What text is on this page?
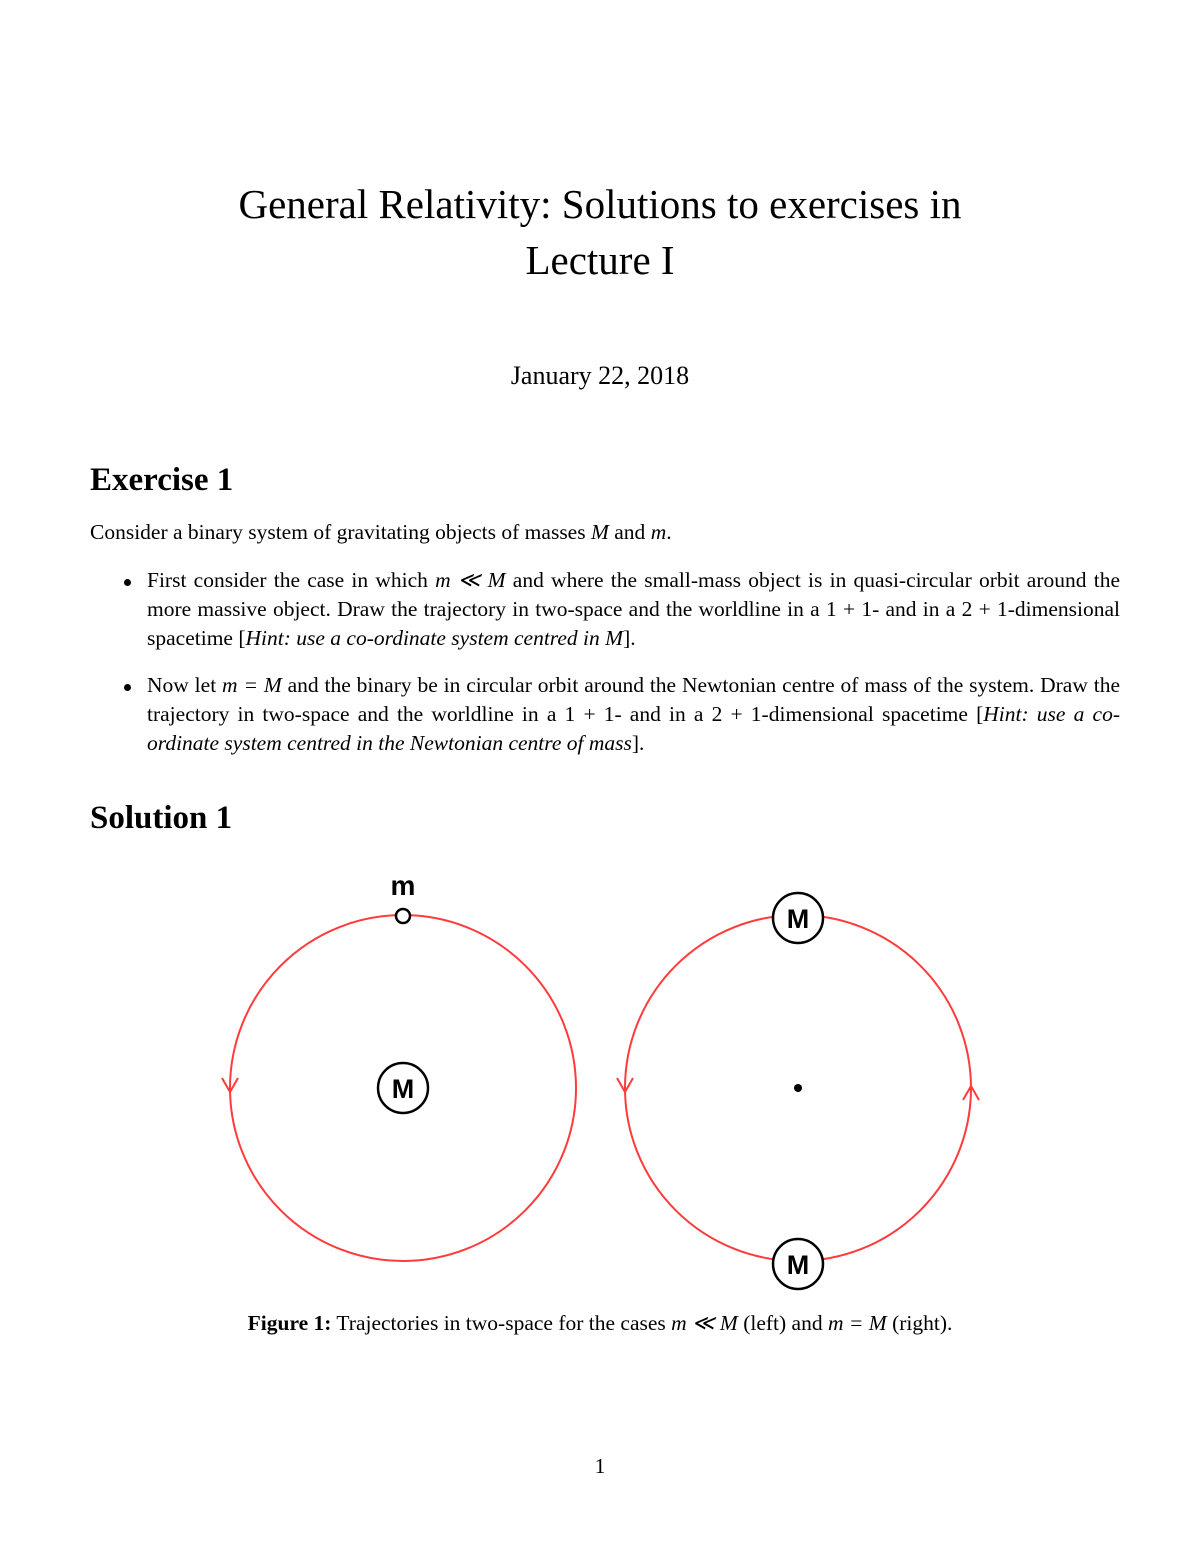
General Relativity: Solutions to exercises in
Lecture I
January 22, 2018
Exercise 1

Consider a binary system of gravitating objects of masses M and m.

First consider the case in which m ≪ M and where the small-mass object is in quasi-circular orbit around the more massive object. Draw the trajectory in two-space and the worldline in a 1 + 1- and in a 2 + 1-dimensional spacetime [Hint: use a co-ordinate system centred in M].
Now let m = M and the binary be in circular orbit around the Newtonian centre of mass of the system. Draw the trajectory in two-space and the worldline in a 1 + 1- and in a 2 + 1-dimensional spacetime [Hint: use a co-ordinate system centred in the Newtonian centre of mass].
Solution 1
m
M
M
M
Figure 1: Trajectories in two-space for the cases m ≪ M (left) and m = M (right).
1
